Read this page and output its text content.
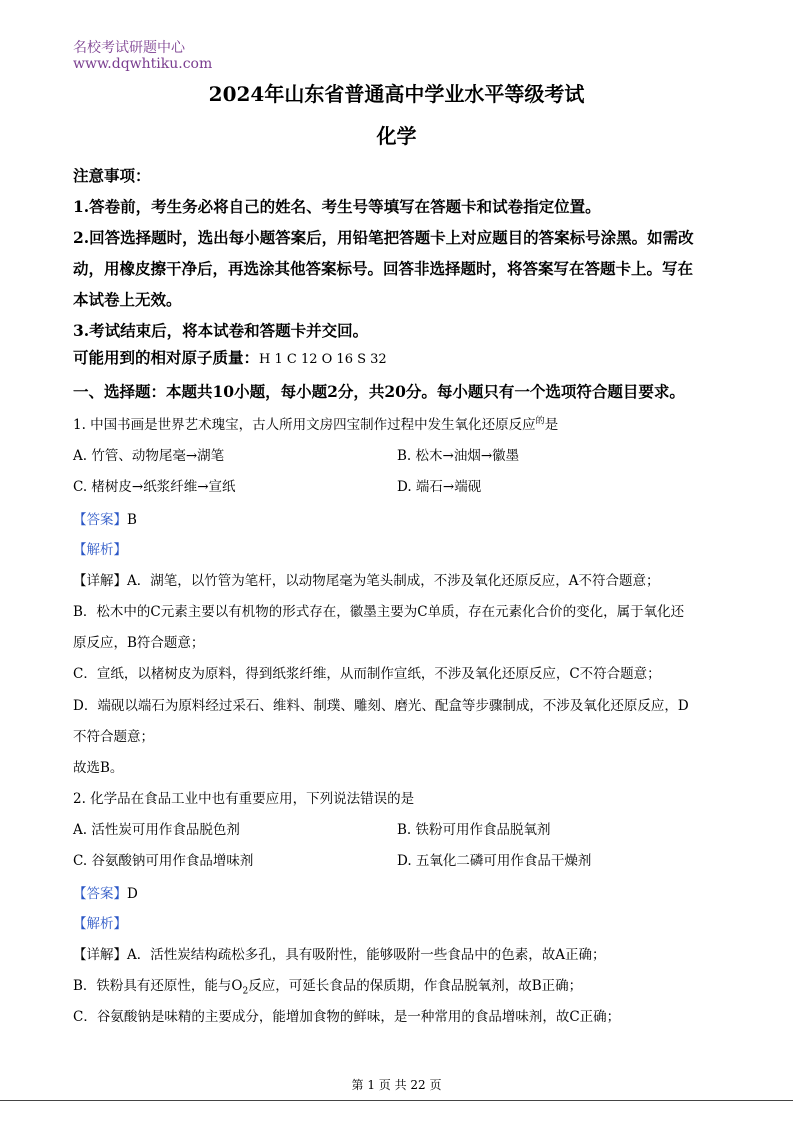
名校考试研题中心
www.dqwhtiku.com
2024年山东省普通高中学业水平等级考试
化学
注意事项：
1.答卷前，考生务必将自己的姓名、考生号等填写在答题卡和试卷指定位置。
2.回答选择题时，选出每小题答案后，用铅笔把答题卡上对应题目的答案标号涂黑。如需改
动，用橡皮擦干净后，再选涂其他答案标号。回答非选择题时，将答案写在答题卡上。写在
本试卷上无效。
3.考试结束后，将本试卷和答题卡并交回。
可能用到的相对原子质量：H 1 C 12 O 16 S 32
一、选择题：本题共10小题，每小题2分，共20分。每小题只有一个选项符合题目要求。
1. 中国书画是世界艺术瑰宝，古人所用文房四宝制作过程中发生氧化还原反应$^的$是
A. 竹管、动物尾毫→湖笔	B. 松木→油烟→徽墨
C. 楮树皮→纸浆纤维→宣纸	D. 端石→端砚
【答案】B
【解析】
【详解】A．湖笔，以竹管为笔杆，以动物尾毫为笔头制成，不涉及氧化还原反应，A不符合题意；
B．松木中的C元素主要以有机物的形式存在，徽墨主要为C单质，存在元素化合价的变化，属于氧化还
原反应，B符合题意；
C．宣纸，以楮树皮为原料，得到纸浆纤维，从而制作宣纸，不涉及氧化还原反应，C不符合题意；
D．端砚以端石为原料经过采石、维料、制璞、雕刻、磨光、配盒等步骤制成，不涉及氧化还原反应，D
不符合题意；
故选B。
2. 化学品在食品工业中也有重要应用，下列说法错误的是
A. 活性炭可用作食品脱色剂	B. 铁粉可用作食品脱氧剂
C. 谷氨酸钠可用作食品增味剂	D. 五氧化二磷可用作食品干燥剂
【答案】D
【解析】
【详解】A．活性炭结构疏松多孔，具有吸附性，能够吸附一些食品中的色素，故A正确；
B．铁粉具有还原性，能与$O_2$反应，可延长食品的保质期，作食品脱氧剂，故B正确；
C．谷氨酸钠是味精的主要成分，能增加食物的鲜味，是一种常用的食品增味剂，故C正确；
第 1 页 共 22 页
